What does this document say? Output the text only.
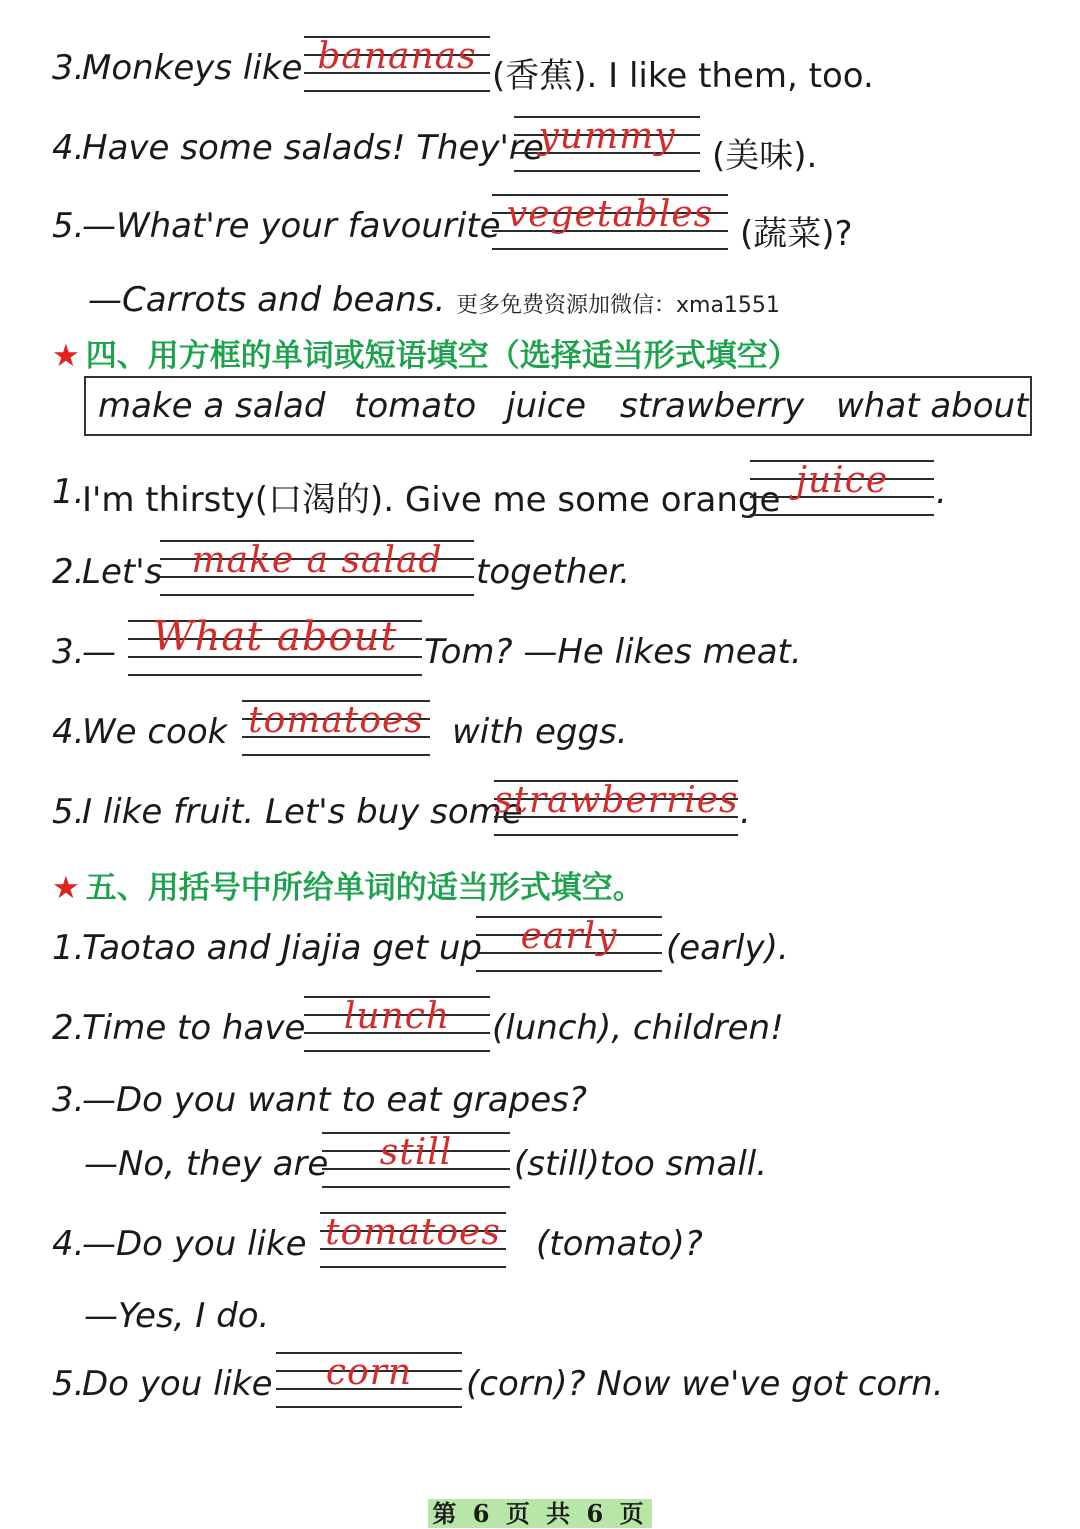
3.
Monkeys like bananas (香蕉). I like them, too.
4.
Have some salads! They're
yummy	(美味).
5.
—What're your favourite vegetables (蔬菜)?
—Carrots and beans. 更多免费资源加微信：xma1551
★ 四、用方框的单词或短语填空（选择适当形式填空）
make a salad tomato juice strawberry what about
1.
I'm thirsty(口渴的). Give me some orange juice	.
2.
Let's make a salad together.
3.
— What about Tom? —He likes meat.
4.
We cook tomatoes with eggs.
5.
I like fruit. Let's buy some
strawberries .
★ 五、用括号中所给单词的适当形式填空。
1.
Taotao and Jiajia get up	early	(early).
2.
Time to have	lunch	(lunch), children!
3.
—Do you want to eat grapes?
—No, they are	still	(still)too small.
4.
—Do you like tomatoes (tomato)?
—Yes, I do.
5.
Do you like	corn	(corn)? Now we've got corn.
第 6 页 共 6 页
